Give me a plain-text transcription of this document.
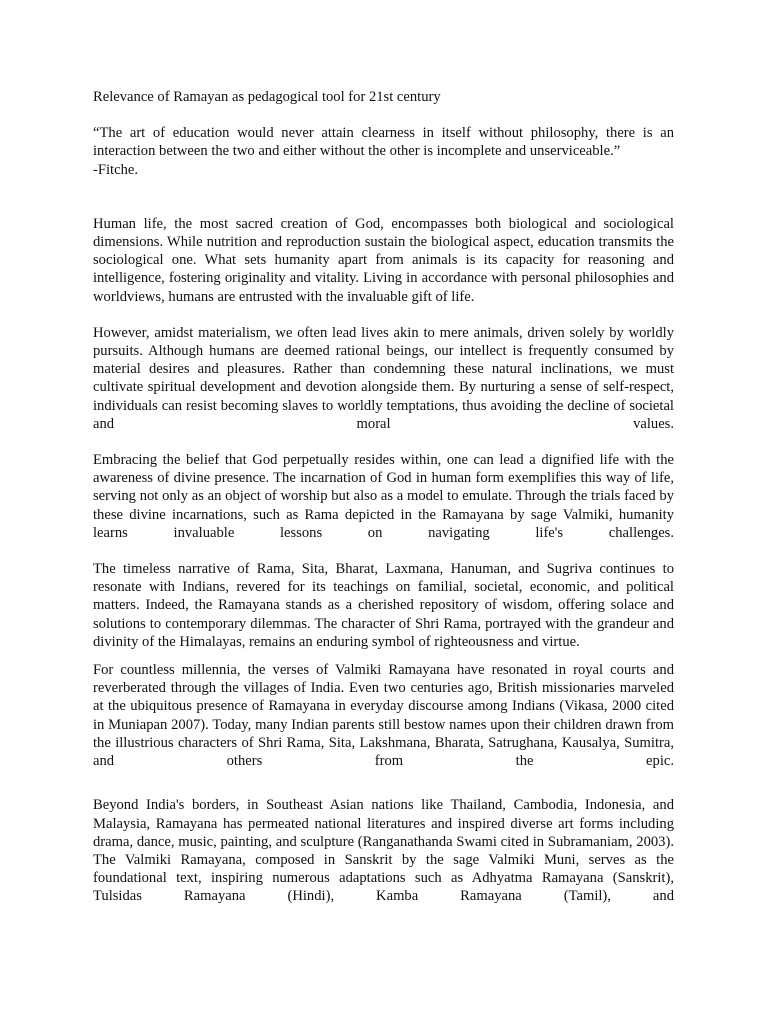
Relevance of Ramayan as pedagogical tool for 21st century

“The art of education would never attain clearness in itself without philosophy, there is an interaction between the two and either without the other is incomplete and unserviceable.”

-Fitche.

Human life, the most sacred creation of God, encompasses both biological and sociological dimensions. While nutrition and reproduction sustain the biological aspect, education transmits the sociological one. What sets humanity apart from animals is its capacity for reasoning and intelligence, fostering originality and vitality. Living in accordance with personal philosophies and worldviews, humans are entrusted with the invaluable gift of life.

However, amidst materialism, we often lead lives akin to mere animals, driven solely by worldly pursuits. Although humans are deemed rational beings, our intellect is frequently consumed by material desires and pleasures. Rather than condemning these natural inclinations, we must cultivate spiritual development and devotion alongside them. By nurturing a sense of self-respect, individuals can resist becoming slaves to worldly temptations, thus avoiding the decline of societal and moral values.

Embracing the belief that God perpetually resides within, one can lead a dignified life with the awareness of divine presence. The incarnation of God in human form exemplifies this way of life, serving not only as an object of worship but also as a model to emulate. Through the trials faced by these divine incarnations, such as Rama depicted in the Ramayana by sage Valmiki, humanity learns invaluable lessons on navigating life's challenges.

The timeless narrative of Rama, Sita, Bharat, Laxmana, Hanuman, and Sugriva continues to resonate with Indians, revered for its teachings on familial, societal, economic, and political matters. Indeed, the Ramayana stands as a cherished repository of wisdom, offering solace and solutions to contemporary dilemmas. The character of Shri Rama, portrayed with the grandeur and divinity of the Himalayas, remains an enduring symbol of righteousness and virtue.

For countless millennia, the verses of Valmiki Ramayana have resonated in royal courts and reverberated through the villages of India. Even two centuries ago, British missionaries marveled at the ubiquitous presence of Ramayana in everyday discourse among Indians (Vikasa, 2000 cited in Muniapan 2007). Today, many Indian parents still bestow names upon their children drawn from the illustrious characters of Shri Rama, Sita, Lakshmana, Bharata, Satrughana, Kausalya, Sumitra, and others from the epic.

Beyond India's borders, in Southeast Asian nations like Thailand, Cambodia, Indonesia, and Malaysia, Ramayana has permeated national literatures and inspired diverse art forms including drama, dance, music, painting, and sculpture (Ranganathanda Swami cited in Subramaniam, 2003). The Valmiki Ramayana, composed in Sanskrit by the sage Valmiki Muni, serves as the foundational text, inspiring numerous adaptations such as Adhyatma Ramayana (Sanskrit), Tulsidas Ramayana (Hindi), Kamba Ramayana (Tamil), and
